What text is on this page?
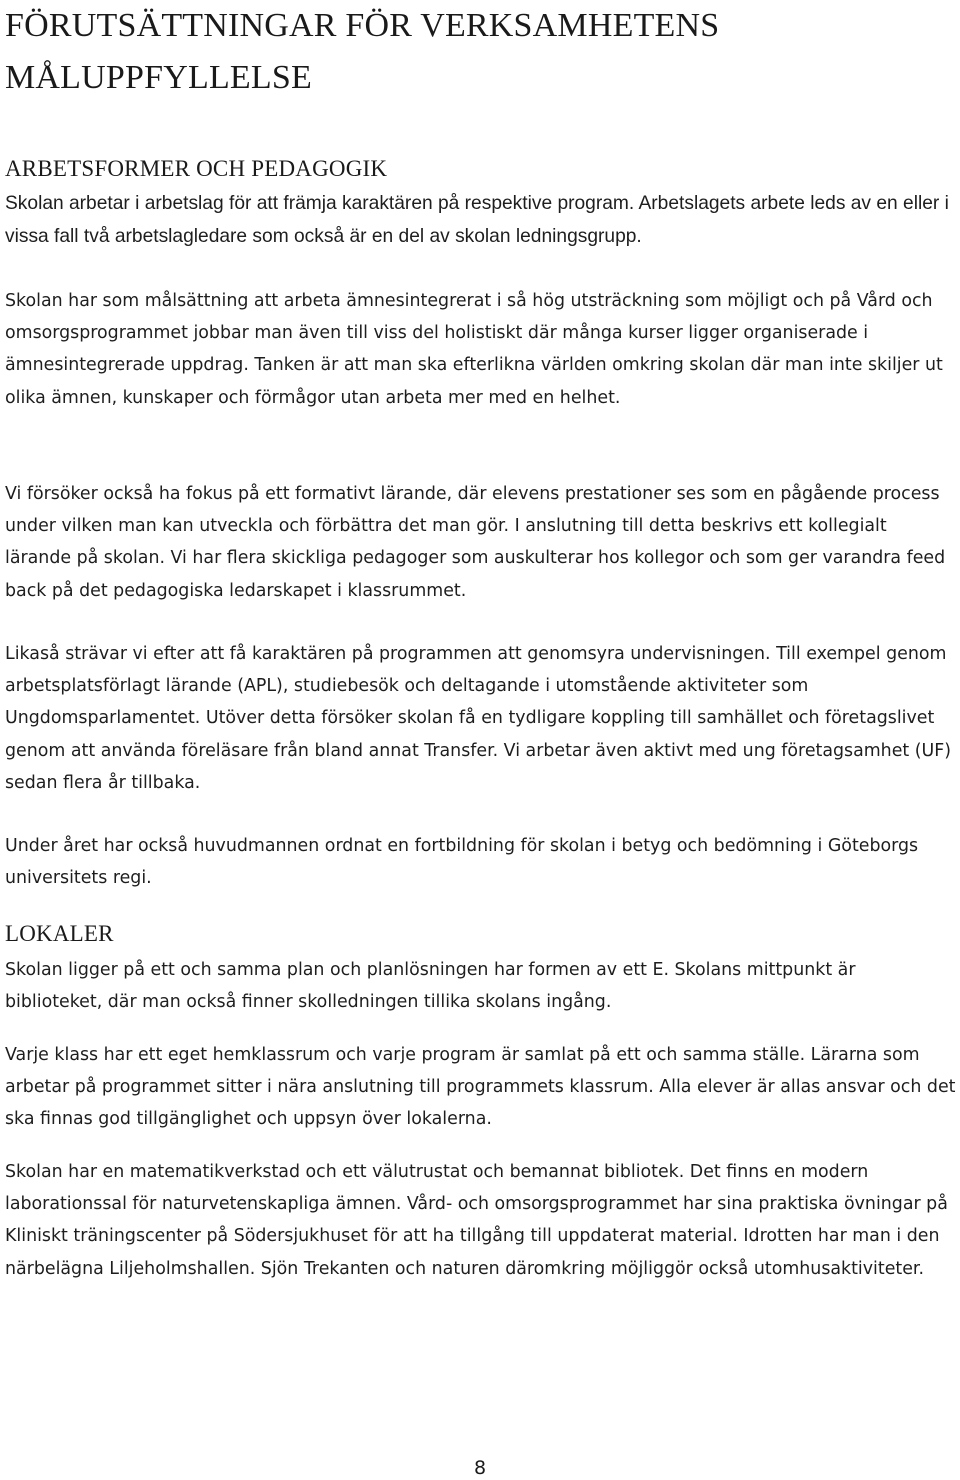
FÖRUTSÄTTNINGAR FÖR VERKSAMHETENS MÅLUPPFYLLELSE
ARBETSFORMER OCH PEDAGOGIK

Skolan arbetar i arbetslag för att främja karaktären på respektive program. Arbetslagets arbete leds av en eller i vissa fall två arbetslagledare som också är en del av skolan ledningsgrupp.

Skolan har som målsättning att arbeta ämnesintegrerat i så hög utsträckning som möjligt och på Vård och omsorgsprogrammet jobbar man även till viss del holistiskt där många kurser ligger organiserade i ämnesintegrerade uppdrag. Tanken är att man ska efterlikna världen omkring skolan där man inte skiljer ut olika ämnen, kunskaper och förmågor utan arbeta mer med en helhet.

Vi försöker också ha fokus på ett formativt lärande, där elevens prestationer ses som en pågående process under vilken man kan utveckla och förbättra det man gör. I anslutning till detta beskrivs ett kollegialt lärande på skolan. Vi har flera skickliga pedagoger som auskulterar hos kollegor och som ger varandra feed back på det pedagogiska ledarskapet i klassrummet.

Likaså strävar vi efter att få karaktären på programmen att genomsyra undervisningen. Till exempel genom arbetsplatsförlagt lärande (APL), studiebesök och deltagande i utomstående aktiviteter som Ungdomsparlamentet. Utöver detta försöker skolan få en tydligare koppling till samhället och företagslivet genom att använda föreläsare från bland annat Transfer. Vi arbetar även aktivt med ung företagsamhet (UF) sedan flera år tillbaka.

Under året har också huvudmannen ordnat en fortbildning för skolan i betyg och bedömning i Göteborgs universitets regi.

LOKALER

Skolan ligger på ett och samma plan och planlösningen har formen av ett E. Skolans mittpunkt är biblioteket, där man också finner skolledningen tillika skolans ingång.

Varje klass har ett eget hemklassrum och varje program är samlat på ett och samma ställe. Lärarna som arbetar på programmet sitter i nära anslutning till programmets klassrum. Alla elever är allas ansvar och det ska finnas god tillgänglighet och uppsyn över lokalerna.

Skolan har en matematikverkstad och ett välutrustat och bemannat bibliotek. Det finns en modern laborationssal för naturvetenskapliga ämnen. Vård- och omsorgsprogrammet har sina praktiska övningar på Kliniskt träningscenter på Södersjukhuset för att ha tillgång till uppdaterat material. Idrotten har man i den närbelägna Liljeholmshallen. Sjön Trekanten och naturen däromkring möjliggör också utomhusaktiviteter.

8
